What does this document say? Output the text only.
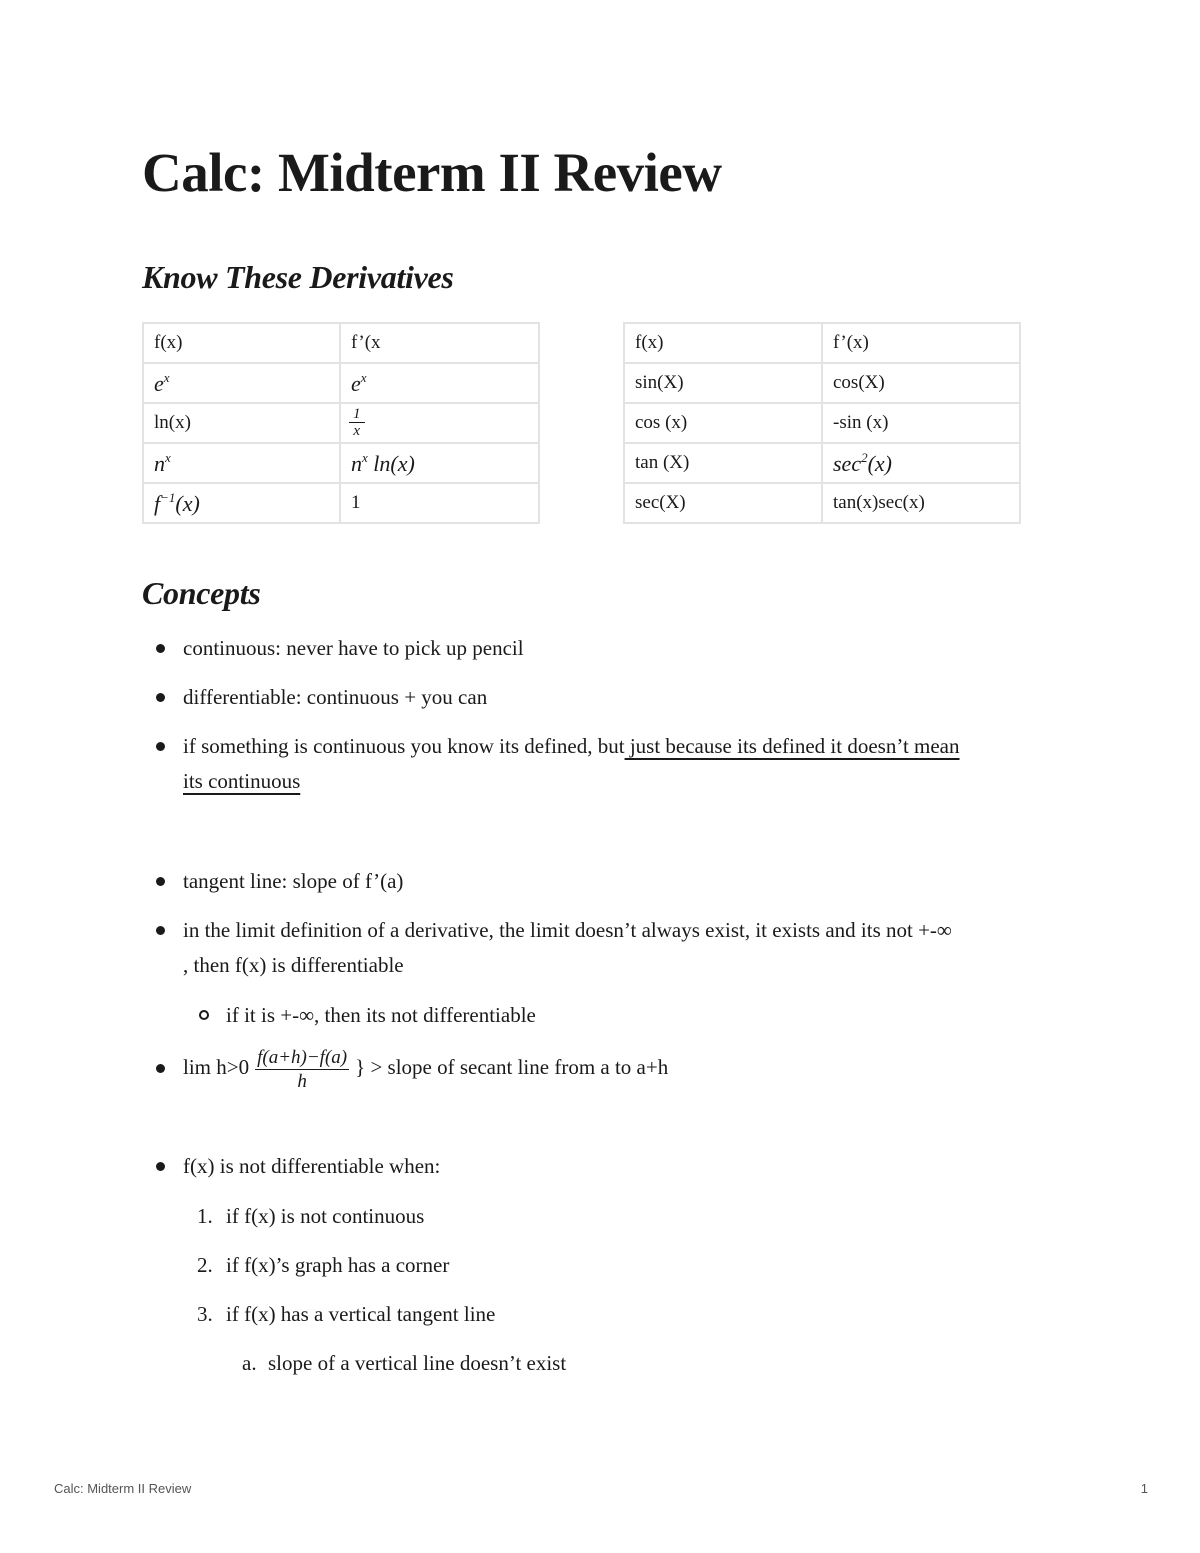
Calc: Midterm II Review
Know These Derivatives
f(x)	f’(x
$e^x$	$e^x$
ln(x)	$\frac{1}{x}$

$n^x$	$n^x$ ln(x)
$f^{-1}(x)$	1
f(x)	f’(x)
sin(X)	cos(X)
cos (x)	-sin (x)
tan (X)	$\sec^2(x)$
sec(X)	tan(x)sec(x)
Concepts
continuous: never have to pick up pencil
differentiable: continuous + you can
if something is continuous you know its defined, but just because its defined it doesn’t mean
its continuous
tangent line: slope of f’(a)
in the limit definition of a derivative, the limit doesn’t always exist, it exists and its not +-∞
, then f(x) is differentiable
if it is +-∞, then its not differentiable
$\lim h>0 \frac{f(a+h)-f(a)}{h}$ } > slope of secant line from a to a+h
f(x) is not differentiable when:
1. if f(x) is not continuous
2. if f(x)’s graph has a corner
3. if f(x) has a vertical tangent line
a. slope of a vertical line doesn’t exist
Calc: Midterm II Review	1
